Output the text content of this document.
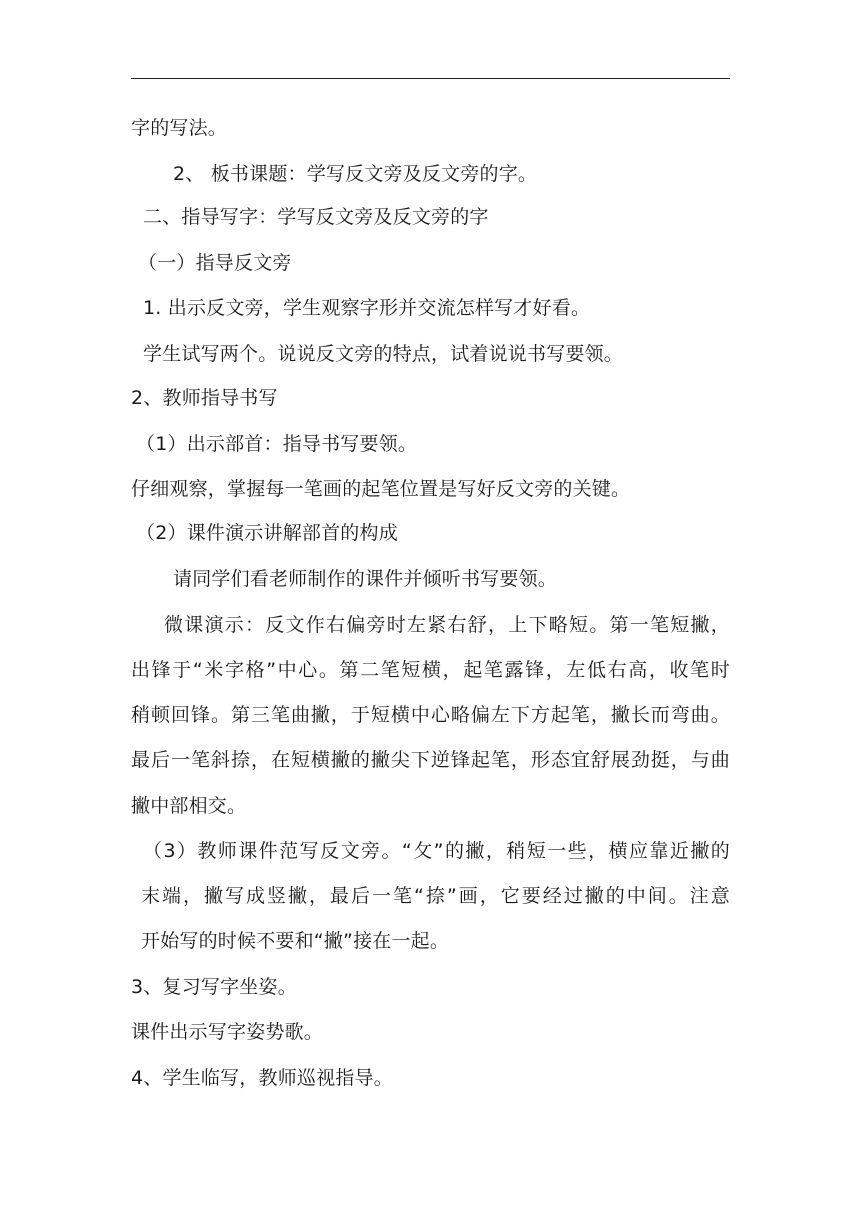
字的写法。
2、 板书课题：学写反文旁及反文旁的字。
二、指导写字：学写反文旁及反文旁的字
（一）指导反文旁
1. 出示反文旁，学生观察字形并交流怎样写才好看。
学生试写两个。说说反文旁的特点，试着说说书写要领。
2、教师指导书写
（1）出示部首：指导书写要领。
仔细观察，掌握每一笔画的起笔位置是写好反文旁的关键。
（2）课件演示讲解部首的构成
请同学们看老师制作的课件并倾听书写要领。
微课演示：反文作右偏旁时左紧右舒，上下略短。第一笔短撇，
出锋于“米字格”中心。第二笔短横，起笔露锋，左低右高，收笔时
稍顿回锋。第三笔曲撇，于短横中心略偏左下方起笔，撇长而弯曲。
最后一笔斜捺，在短横撇的撇尖下逆锋起笔，形态宜舒展劲挺，与曲
撇中部相交。
（3）教师课件范写反文旁。“攵”的撇，稍短一些，横应靠近撇的
末端，撇写成竖撇，最后一笔“捺”画，它要经过撇的中间。注意
开始写的时候不要和“撇”接在一起。
3、复习写字坐姿。
课件出示写字姿势歌。
4、学生临写，教师巡视指导。
